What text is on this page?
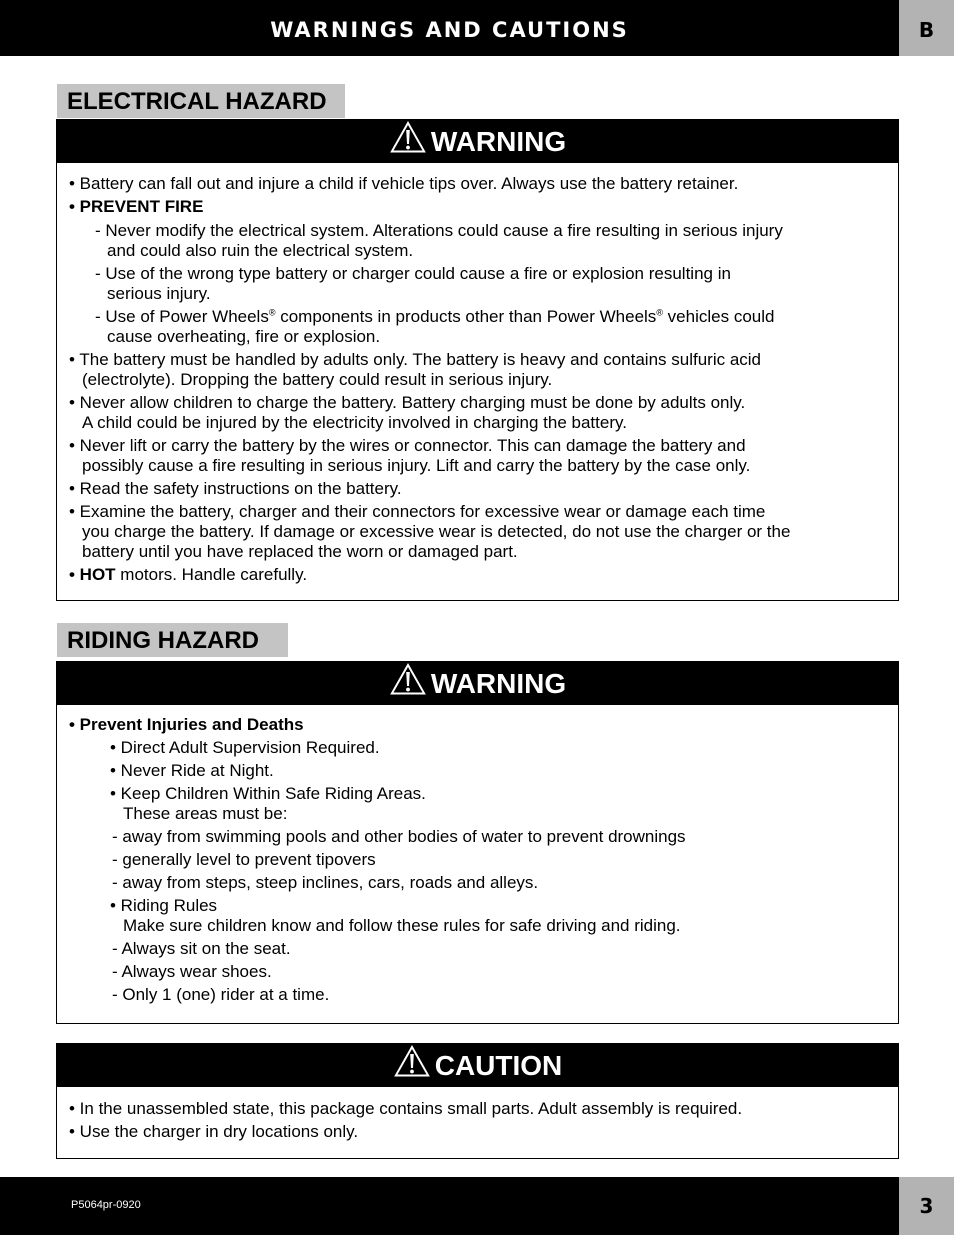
WARNINGS AND CAUTIONS	B
ELECTRICAL HAZARD
WARNING

• Battery can fall out and injure a child if vehicle tips over. Always use the battery retainer.

• PREVENT FIRE

- Never modify the electrical system. Alterations could cause a fire resulting in serious injury
and could also ruin the electrical system.

- Use of the wrong type battery or charger could cause a fire or explosion resulting in
serious injury.

- Use of Power Wheels® components in products other than Power Wheels® vehicles could
cause overheating, fire or explosion.

• The battery must be handled by adults only. The battery is heavy and contains sulfuric acid
(electrolyte). Dropping the battery could result in serious injury.

• Never allow children to charge the battery. Battery charging must be done by adults only.
A child could be injured by the electricity involved in charging the battery.

• Never lift or carry the battery by the wires or connector. This can damage the battery and
possibly cause a fire resulting in serious injury. Lift and carry the battery by the case only.

• Read the safety instructions on the battery.

• Examine the battery, charger and their connectors for excessive wear or damage each time
you charge the battery. If damage or excessive wear is detected, do not use the charger or the
battery until you have replaced the worn or damaged part.

• HOT motors. Handle carefully.

RIDING HAZARD
WARNING

• Prevent Injuries and Deaths

• Direct Adult Supervision Required.

• Never Ride at Night.

• Keep Children Within Safe Riding Areas.
These areas must be:

- away from swimming pools and other bodies of water to prevent drownings

- generally level to prevent tipovers

- away from steps, steep inclines, cars, roads and alleys.

• Riding Rules
Make sure children know and follow these rules for safe driving and riding.

- Always sit on the seat.

- Always wear shoes.

- Only 1 (one) rider at a time.

CAUTION

• In the unassembled state, this package contains small parts. Adult assembly is required.

• Use the charger in dry locations only.

P5064pr-0920	3
